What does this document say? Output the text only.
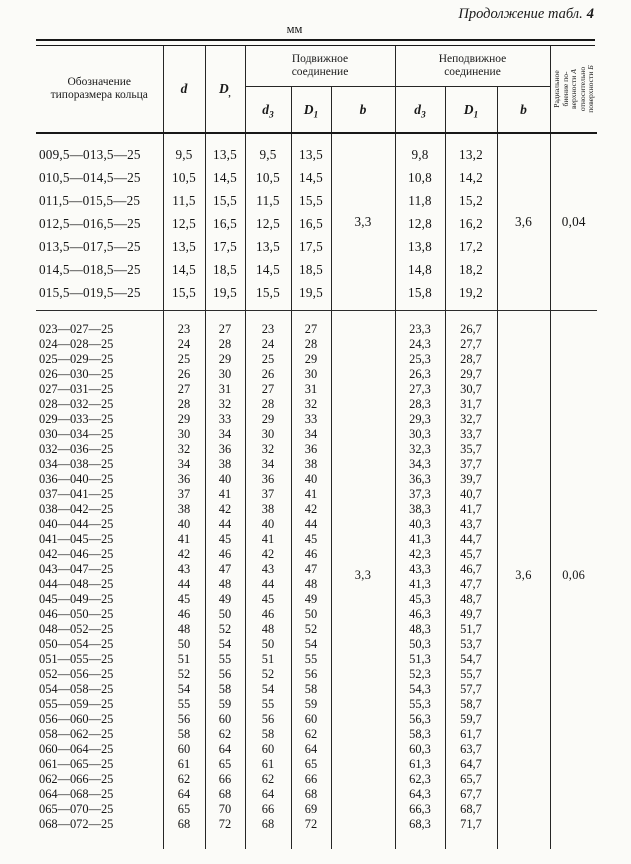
Продолжение табл. 4
мм
Обозначение типоразмера кольца	d	$D_,$	Подвижное соединение			Неподвижное соединение			Радиальное биение по- верхности А относительно поверхности Б

			$d_3$	$D_1$	b	$d_3$	$D_1$	b	
					3,3			3,6	0,04
009,5—013,5—25	9,5	13,5	9,5	13,5		9,8	13,2		
010,5—014,5—25	10,5	14,5	10,5	14,5		10,8	14,2		
011,5—015,5—25	11,5	15,5	11,5	15,5		11,8	15,2		
012,5—016,5—25	12,5	16,5	12,5	16,5		12,8	16,2		
013,5—017,5—25	13,5	17,5	13,5	17,5		13,8	17,2		
014,5—018,5—25	14,5	18,5	14,5	18,5		14,8	18,2		
015,5—019,5—25	15,5	19,5	15,5	19,5		15,8	19,2		

					3,3			3,6	0,06
023—027—25	23	27	23	27		23,3	26,7		
024—028—25	24	28	24	28		24,3	27,7		
025—029—25	25	29	25	29		25,3	28,7		
026—030—25	26	30	26	30		26,3	29,7		
027—031—25	27	31	27	31		27,3	30,7		
028—032—25	28	32	28	32		28,3	31,7		
029—033—25	29	33	29	33		29,3	32,7		
030—034—25	30	34	30	34		30,3	33,7		
032—036—25	32	36	32	36		32,3	35,7		
034—038—25	34	38	34	38		34,3	37,7		
036—040—25	36	40	36	40		36,3	39,7		
037—041—25	37	41	37	41		37,3	40,7		
038—042—25	38	42	38	42		38,3	41,7		
040—044—25	40	44	40	44		40,3	43,7		
041—045—25	41	45	41	45		41,3	44,7		
042—046—25	42	46	42	46		42,3	45,7		
043—047—25	43	47	43	47		43,3	46,7		
044—048—25	44	48	44	48		41,3	47,7		
045—049—25	45	49	45	49		45,3	48,7		
046—050—25	46	50	46	50		46,3	49,7		
048—052—25	48	52	48	52		48,3	51,7		
050—054—25	50	54	50	54		50,3	53,7		
051—055—25	51	55	51	55		51,3	54,7		
052—056—25	52	56	52	56		52,3	55,7		
054—058—25	54	58	54	58		54,3	57,7		
055—059—25	55	59	55	59		55,3	58,7		
056—060—25	56	60	56	60		56,3	59,7		
058—062—25	58	62	58	62		58,3	61,7		
060—064—25	60	64	60	64		60,3	63,7		
061—065—25	61	65	61	65		61,3	64,7		
062—066—25	62	66	62	66		62,3	65,7		
064—068—25	64	68	64	68		64,3	67,7		
065—070—25	65	70	66	69		66,3	68,7		
068—072—25	68	72	68	72		68,3	71,7		
